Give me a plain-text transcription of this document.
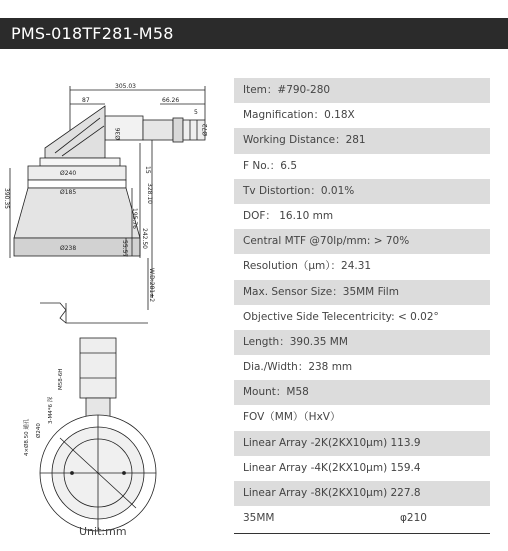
PMS-018TF281-M58
305.03
87	66.26
5
Ø72
Ø36
15
390.35	328.10
242.50
195.76
55.57
Ø240
Ø185
Ø238
W.D:281±2
3-M4*6 深
4×Ø8.50 通孔 Ø240
M58-6H
Unit:mm
Item：#790-280
Magnification：0.18X
Working Distance：281
F No.：6.5
Tv Distortion：0.01%
DOF： 16.10 mm
Central MTF @70lp/mm: > 70%
Resolution（μm）：24.31
Max. Sensor Size：35MM Film
Objective Side Telecentricity: < 0.02°
Length：390.35 MM
Dia./Width：238 mm
Mount：M58
FOV（MM）（HxV）
Linear Array -2K(2KX10μm) 113.9
Linear Array -4K(2KX10μm) 159.4
Linear Array -8K(2KX10μm) 227.8
35MM	φ210
